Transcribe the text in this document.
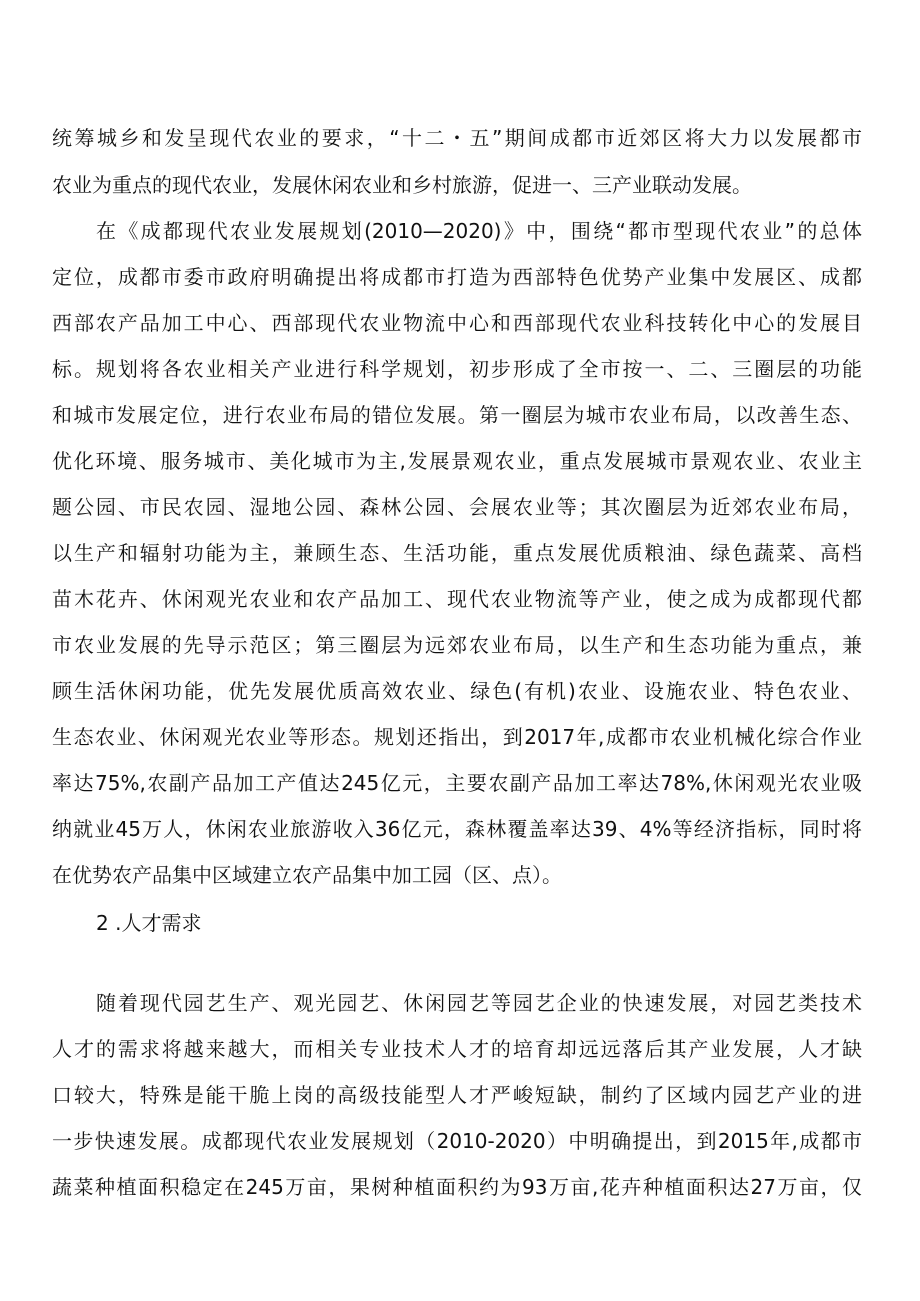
统筹城乡和发呈现代农业的要求，“十二・五”期间成都市近郊区将大力以发展都市
农业为重点的现代农业，发展休闲农业和乡村旅游，促进一、三产业联动发展。
在《成都现代农业发展规划(2010—2020)》中，围绕“都市型现代农业”的总体
定位，成都市委市政府明确提出将成都市打造为西部特色优势产业集中发展区、成都
西部农产品加工中心、西部现代农业物流中心和西部现代农业科技转化中心的发展目
标。规划将各农业相关产业进行科学规划，初步形成了全市按一、二、三圈层的功能
和城市发展定位，进行农业布局的错位发展。第一圈层为城市农业布局，以改善生态、
优化环境、服务城市、美化城市为主,发展景观农业，重点发展城市景观农业、农业主
题公园、市民农园、湿地公园、森林公园、会展农业等；其次圈层为近郊农业布局，
以生产和辐射功能为主，兼顾生态、生活功能，重点发展优质粮油、绿色蔬菜、高档
苗木花卉、休闲观光农业和农产品加工、现代农业物流等产业，使之成为成都现代都
市农业发展的先导示范区；第三圈层为远郊农业布局，以生产和生态功能为重点，兼
顾生活休闲功能，优先发展优质高效农业、绿色(有机)农业、设施农业、特色农业、
生态农业、休闲观光农业等形态。规划还指出，到2017年,成都市农业机械化综合作业
率达75%,农副产品加工产值达245亿元，主要农副产品加工率达78%,休闲观光农业吸
纳就业45万人，休闲农业旅游收入36亿元，森林覆盖率达39、4%等经济指标，同时将
在优势农产品集中区域建立农产品集中加工园（区、点）。
2 .人才需求
随着现代园艺生产、观光园艺、休闲园艺等园艺企业的快速发展，对园艺类技术
人才的需求将越来越大，而相关专业技术人才的培育却远远落后其产业发展，人才缺
口较大，特殊是能干脆上岗的高级技能型人才严峻短缺，制约了区域内园艺产业的进
一步快速发展。成都现代农业发展规划（2010-2020）中明确提出，到2015年,成都市
蔬菜种植面积稳定在245万亩，果树种植面积约为93万亩,花卉种植面积达27万亩，仅
